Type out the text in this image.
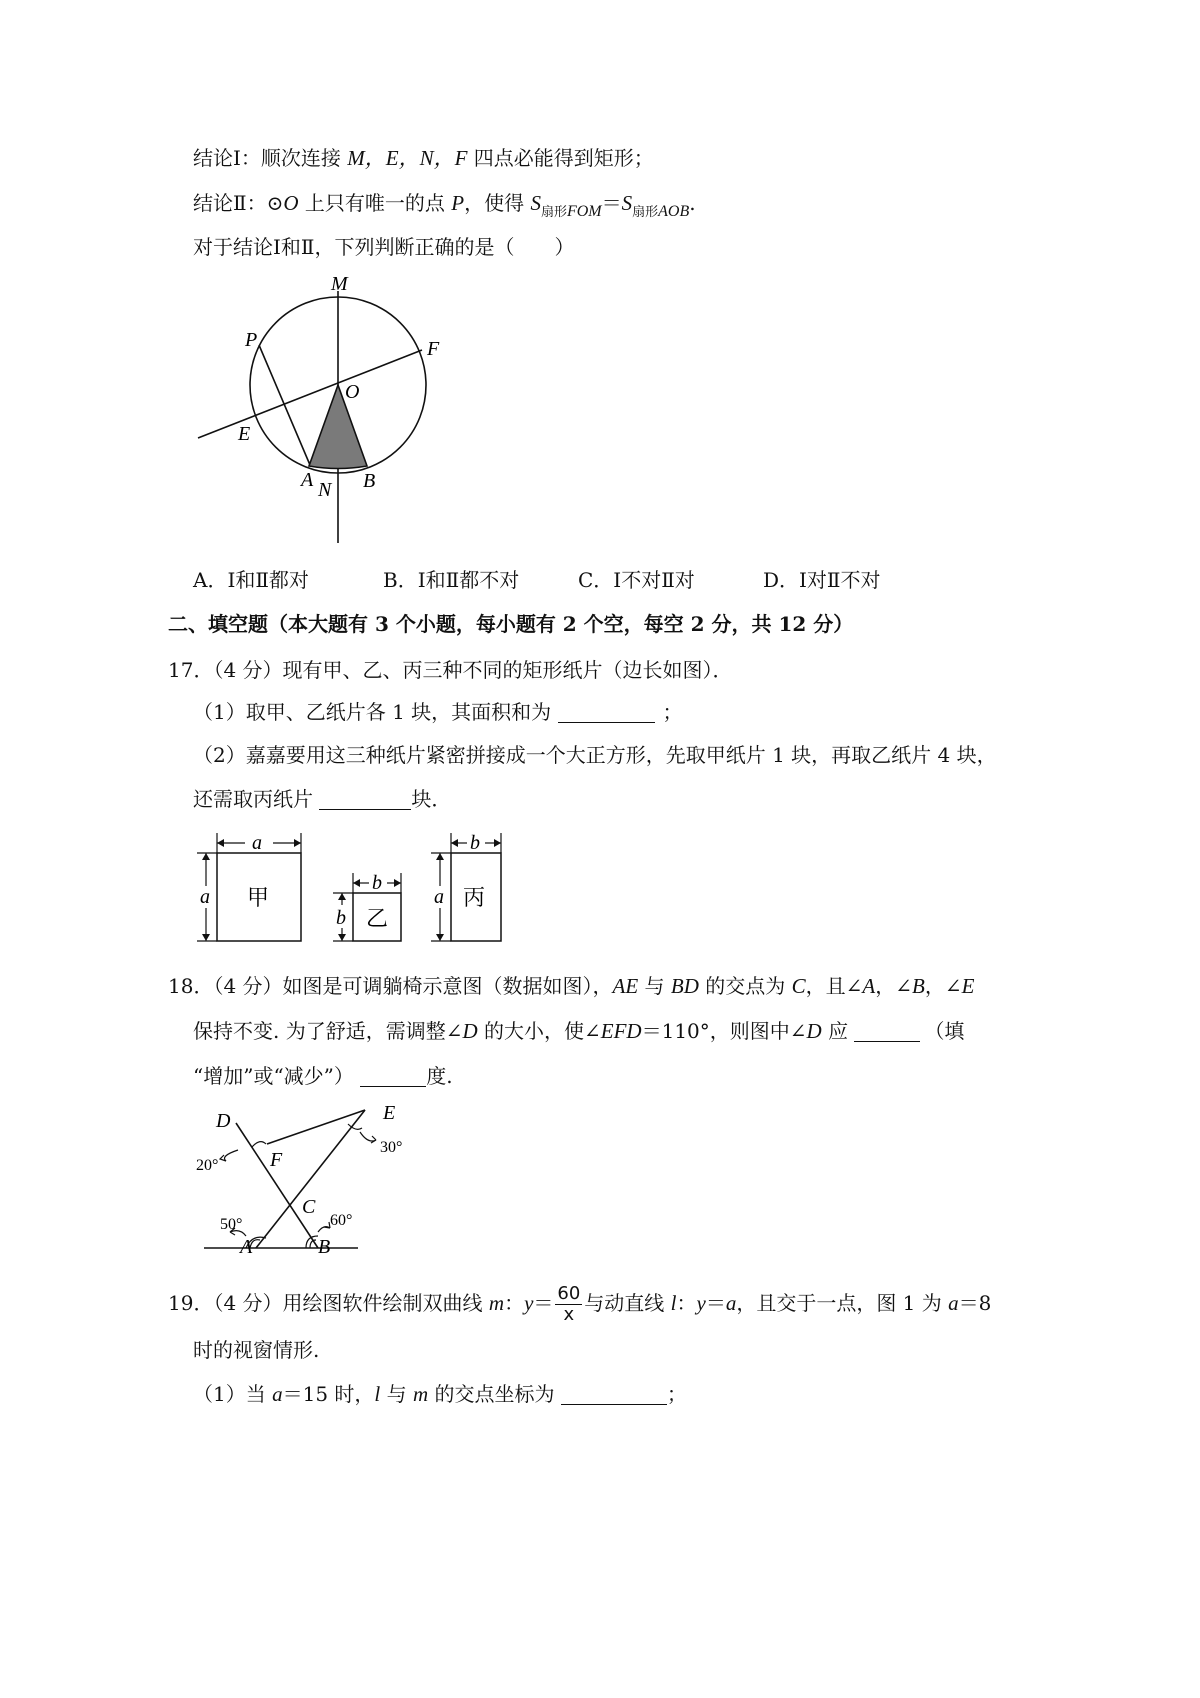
结论Ⅰ：顺次连接 M，E，N，F 四点必能得到矩形；
结论Ⅱ：⊙O 上只有唯一的点 P，使得 $S_{扇形FOM}=S_{扇形AOB}$.
对于结论Ⅰ和Ⅱ，下列判断正确的是（　　）
M
P	F
O
E
A N B
A．Ⅰ和Ⅱ都对	B．Ⅰ和Ⅱ都不对	C．Ⅰ不对Ⅱ对	D．Ⅰ对Ⅱ不对
二、填空题（本大题有 3 个小题，每小题有 2 个空，每空 2 分，共 12 分）
17．（4 分）现有甲、乙、丙三种不同的矩形纸片（边长如图）．
（1）取甲、乙纸片各 1 块，其面积和为	；
（2）嘉嘉要用这三种纸片紧密拼接成一个大正方形，先取甲纸片 1 块，再取乙纸片 4 块，
还需取丙纸片	块．
a
a 甲
b
b 乙
b
a 丙
18．（4 分）如图是可调躺椅示意图（数据如图），AE 与 BD 的交点为 C，且∠A，∠B，∠E
保持不变. 为了舒适，需调整∠D 的大小，使∠EFD＝110°，则图中∠D 应	（填
“增加”或“减少”）	度.
D	E
F
C
A	B
20°
30°
50°	60°
19．（4 分）用绘图软件绘制双曲线 m：$y= \frac{60}{x}$ 与动直线 l：y＝a，且交于一点，图 1 为 a＝8
时的视窗情形.
（1）当 a＝15 时，l 与 m 的交点坐标为	；
